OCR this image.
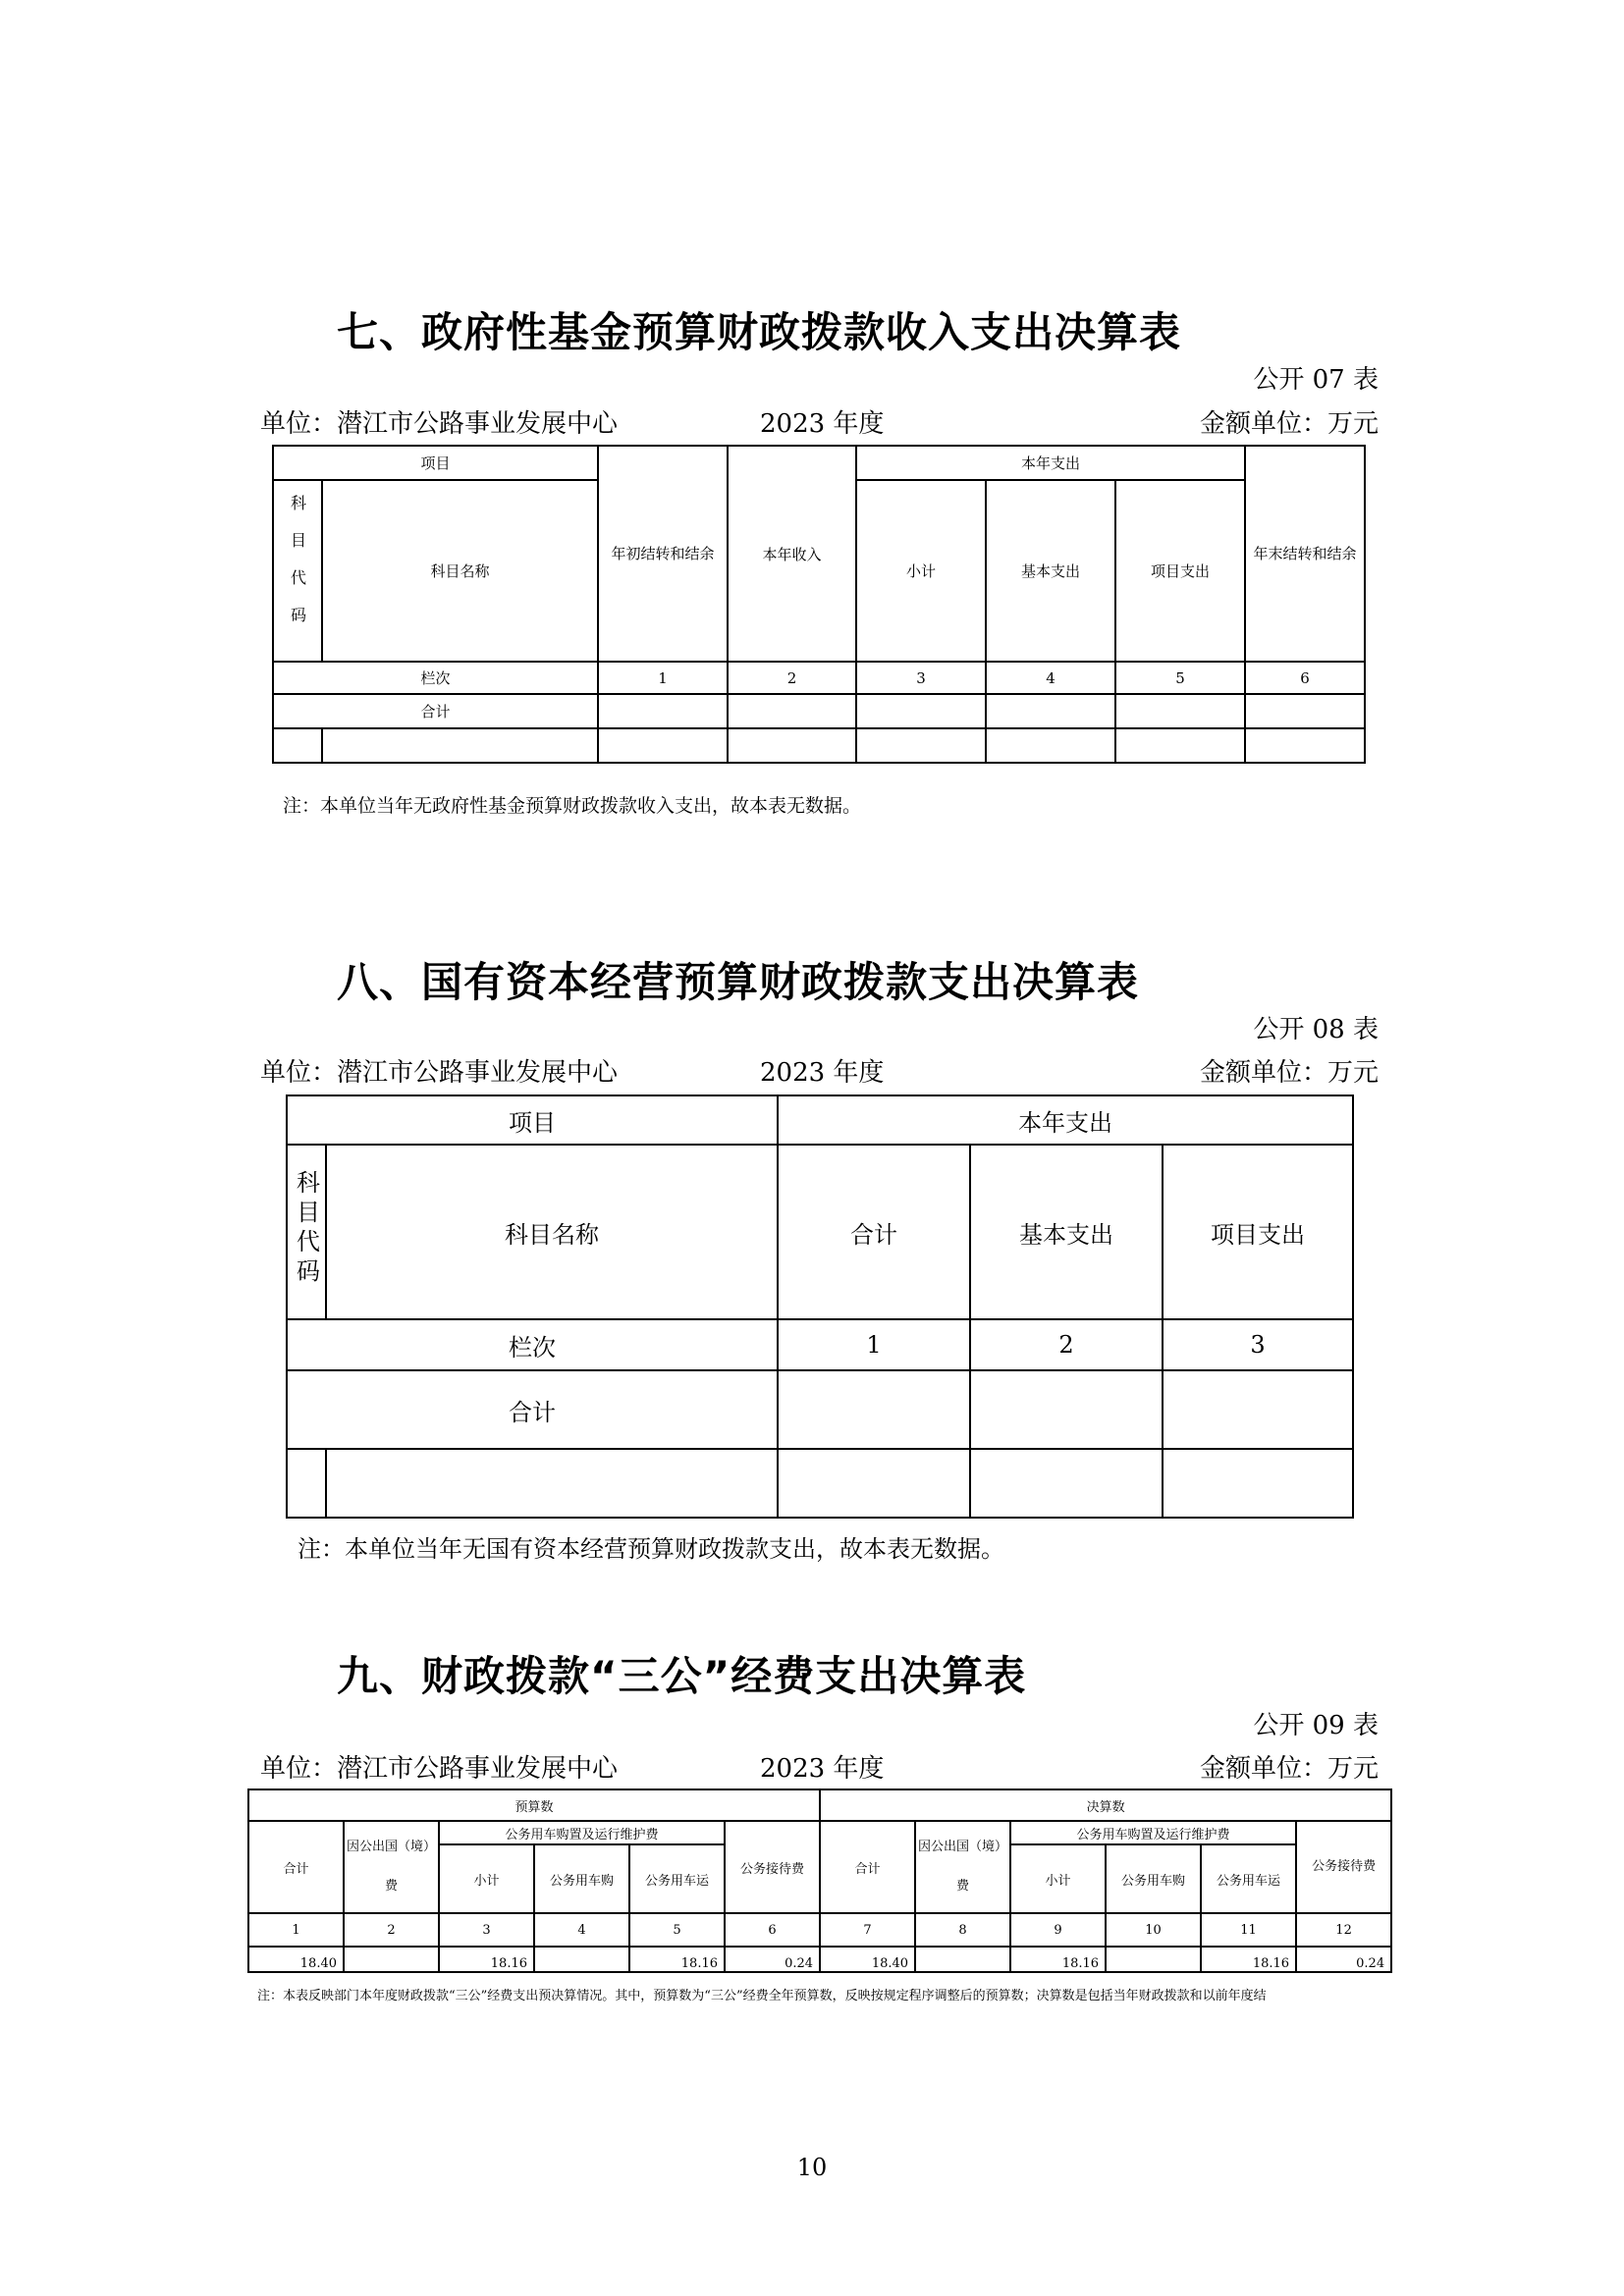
七、政府性基金预算财政拨款收入支出决算表
公开 07 表
单位：潜江市公路事业发展中心	2023 年度	金额单位：万元
项目		年初结转和结余	本年收入	本年支出			年末结转和结余
科目代码	科目名称			小计	基本支出	项目支出	
栏次		1	2	3	4	5	6
合计							

注：本单位当年无政府性基金预算财政拨款收入支出，故本表无数据。
八、国有资本经营预算财政拨款支出决算表
公开 08 表
单位：潜江市公路事业发展中心	2023 年度	金额单位：万元
项目		本年支出		
科目代码	科目名称	合计	基本支出	项目支出
栏次		1	2	3
合计				

注：本单位当年无国有资本经营预算财政拨款支出，故本表无数据。
九、财政拨款“三公”经费支出决算表
公开 09 表
单位：潜江市公路事业发展中心	2023 年度	金额单位：万元
预算数						决算数					
合计	因公出国（境）费	公务用车购置及运行维护费			公务接待费	合计	因公出国（境）费	公务用车购置及运行维护费			公务接待费
		小计	公务用车购	公务用车运				小计	公务用车购	公务用车运	
1	2	3	4	5	6	7	8	9	10	11	12
18.40		18.16		18.16	0.24	18.40		18.16		18.16	0.24
注：本表反映部门本年度财政拨款“三公”经费支出预决算情况。其中，预算数为“三公”经费全年预算数，反映按规定程序调整后的预算数；决算数是包括当年财政拨款和以前年度结
10
